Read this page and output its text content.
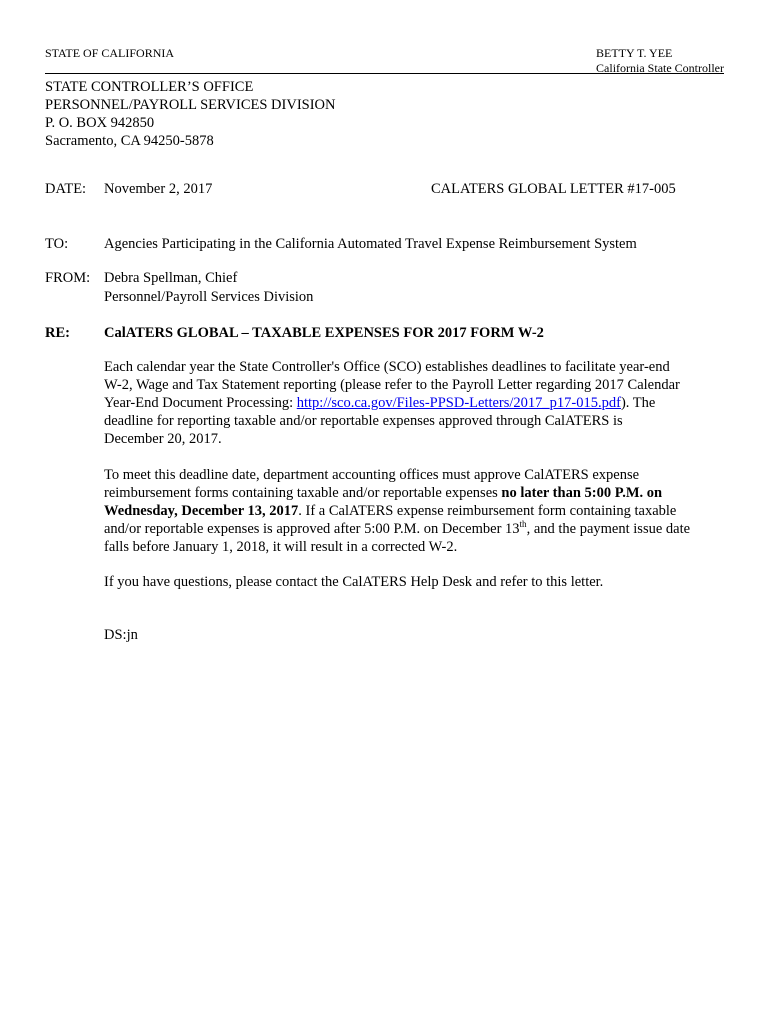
STATE OF CALIFORNIA	BETTY T. YEE
California State Controller
STATE CONTROLLER’S OFFICE
PERSONNEL/PAYROLL SERVICES DIVISION
P. O. BOX 942850
Sacramento, CA 94250-5878
DATE: November 2, 2017	CALATERS GLOBAL LETTER #17-005
TO: Agencies Participating in the California Automated Travel Expense Reimbursement System
FROM: Debra Spellman, Chief
Personnel/Payroll Services Division
RE: CalATERS GLOBAL – TAXABLE EXPENSES FOR 2017 FORM W-2
Each calendar year the State Controller's Office (SCO) establishes deadlines to facilitate year-end
W-2, Wage and Tax Statement reporting (please refer to the Payroll Letter regarding 2017 Calendar
Year-End Document Processing: http://sco.ca.gov/Files-PPSD-Letters/2017_p17-015.pdf). The
deadline for reporting taxable and/or reportable expenses approved through CalATERS is
December 20, 2017.
To meet this deadline date, department accounting offices must approve CalATERS expense
reimbursement forms containing taxable and/or reportable expenses no later than 5:00 P.M. on
Wednesday, December 13, 2017. If a CalATERS expense reimbursement form containing taxable
and/or reportable expenses is approved after 5:00 P.M. on December 13th, and the payment issue date
falls before January 1, 2018, it will result in a corrected W-2.
If you have questions, please contact the CalATERS Help Desk and refer to this letter.
DS:jn
